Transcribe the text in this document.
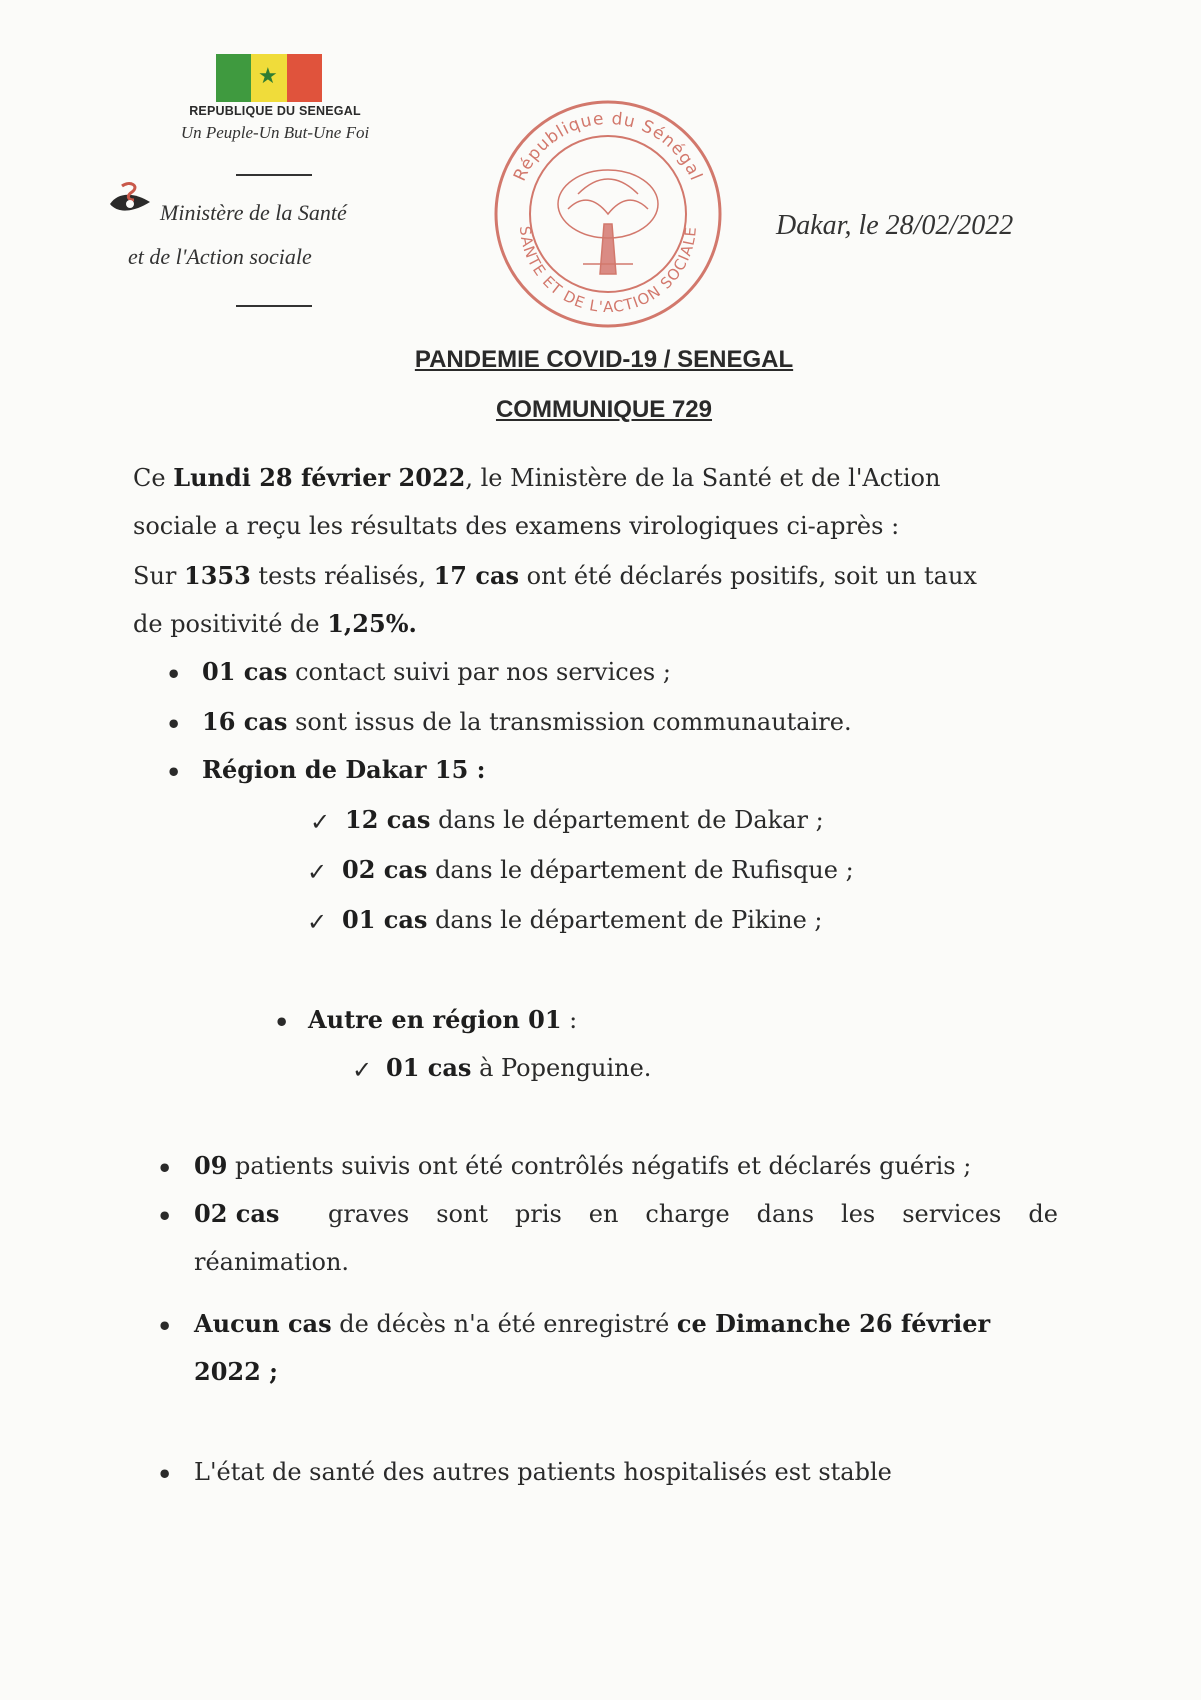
★
REPUBLIQUE DU SENEGAL
Un Peuple-Un But-Une Foi
Ministère de la Santé
et de l'Action sociale
République du Sénégal
SANTE ET DE L'ACTION SOCIALE	Dakar, le 28/02/2022
PANDEMIE COVID-19 / SENEGAL
COMMUNIQUE 729
Ce Lundi 28 février 2022, le Ministère de la Santé et de l'Action
sociale a reçu les résultats des examens virologiques ci-après :
Sur 1353 tests réalisés, 17 cas ont été déclarés positifs, soit un taux
de positivité de 1,25%.
• 01 cas contact suivi par nos services ;
• 16 cas sont issus de la transmission communautaire.
• Région de Dakar 15 :
✓ 12 cas dans le département de Dakar ;
✓ 02 cas dans le département de Rufisque ;
✓ 01 cas dans le département de Pikine ;
• Autre en région 01 :
✓ 01 cas à Popenguine.
• 09 patients suivis ont été contrôlés négatifs et déclarés guéris ;
• 02 cas graves sont pris en charge dans les services de
réanimation.
• Aucun cas de décès n'a été enregistré ce Dimanche 26 février
2022 ;
• L'état de santé des autres patients hospitalisés est stable
